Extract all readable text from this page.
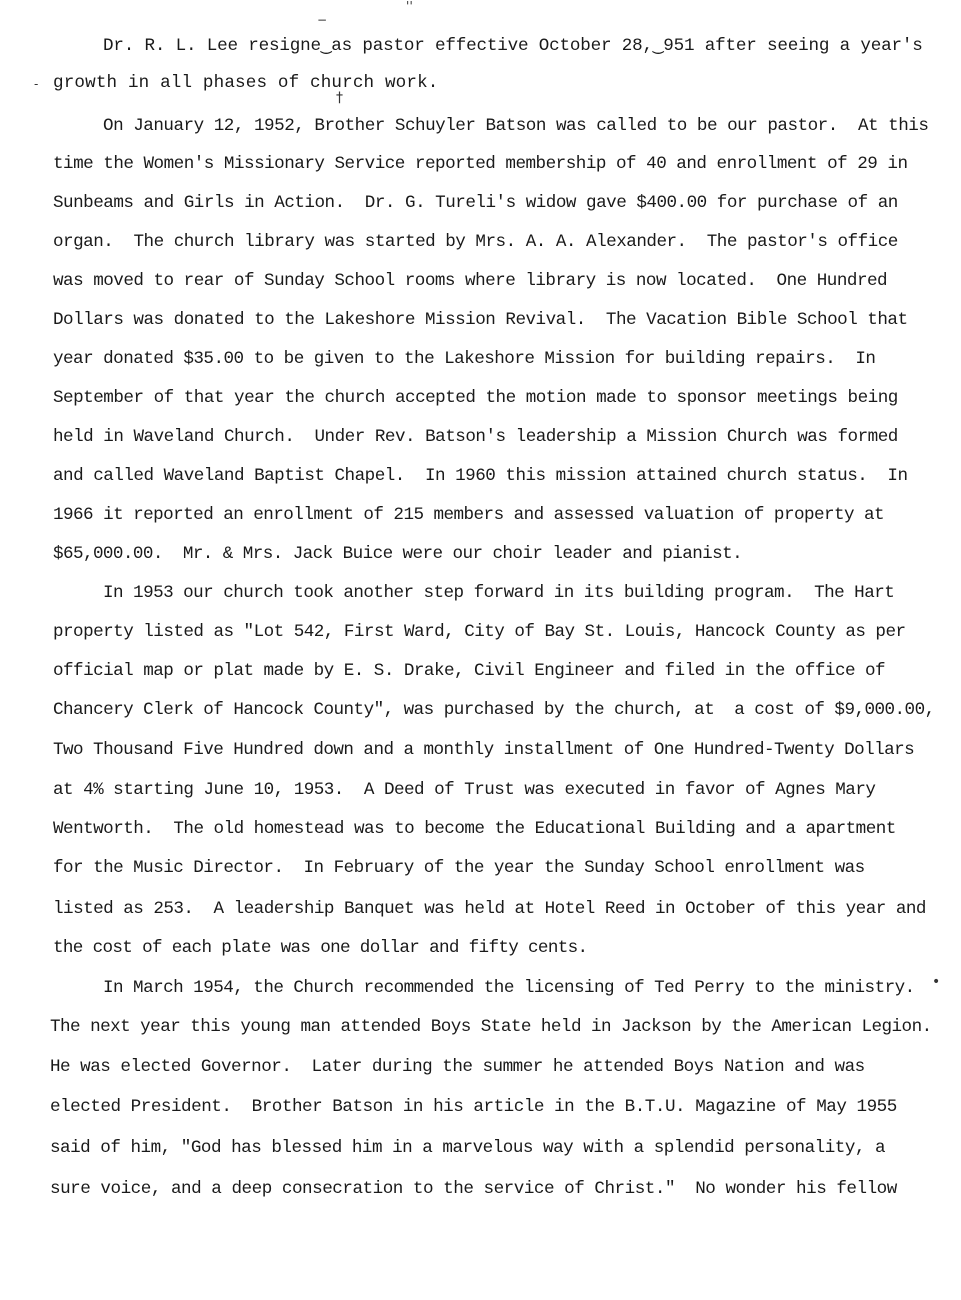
''
−
-
†
•
Dr. R. L. Lee resigne‿as pastor effective October 28,‿951 after seeing a year's
growth in all phases of church work.
On January 12, 1952, Brother Schuyler Batson was called to be our pastor.  At this
time the Women's Missionary Service reported membership of 40 and enrollment of 29 in
Sunbeams and Girls in Action.  Dr. G. Tureli's widow gave $400.00 for purchase of an
organ.  The church library was started by Mrs. A. A. Alexander.  The pastor's office
was moved to rear of Sunday School rooms where library is now located.  One Hundred
Dollars was donated to the Lakeshore Mission Revival.  The Vacation Bible School that
year donated $35.00 to be given to the Lakeshore Mission for building repairs.  In
September of that year the church accepted the motion made to sponsor meetings being
held in Waveland Church.  Under Rev. Batson's leadership a Mission Church was formed
and called Waveland Baptist Chapel.  In 1960 this mission attained church status.  In
1966 it reported an enrollment of 215 members and assessed valuation of property at
$65,000.00.  Mr. & Mrs. Jack Buice were our choir leader and pianist.
In 1953 our church took another step forward in its building program.  The Hart
property listed as "Lot 542, First Ward, City of Bay St. Louis, Hancock County as per
official map or plat made by E. S. Drake, Civil Engineer and filed in the office of
Chancery Clerk of Hancock County", was purchased by the church, at  a cost of $9,000.00,
Two Thousand Five Hundred down and a monthly installment of One Hundred-Twenty Dollars
at 4% starting June 10, 1953.  A Deed of Trust was executed in favor of Agnes Mary
Wentworth.  The old homestead was to become the Educational Building and a apartment
for the Music Director.  In February of the year the Sunday School enrollment was
listed as 253.  A leadership Banquet was held at Hotel Reed in October of this year and
the cost of each plate was one dollar and fifty cents.
In March 1954, the Church recommended the licensing of Ted Perry to the ministry.
The next year this young man attended Boys State held in Jackson by the American Legion.
He was elected Governor.  Later during the summer he attended Boys Nation and was
elected President.  Brother Batson in his article in the B.T.U. Magazine of May 1955
said of him, "God has blessed him in a marvelous way with a splendid personality, a
sure voice, and a deep consecration to the service of Christ."  No wonder his fellow
